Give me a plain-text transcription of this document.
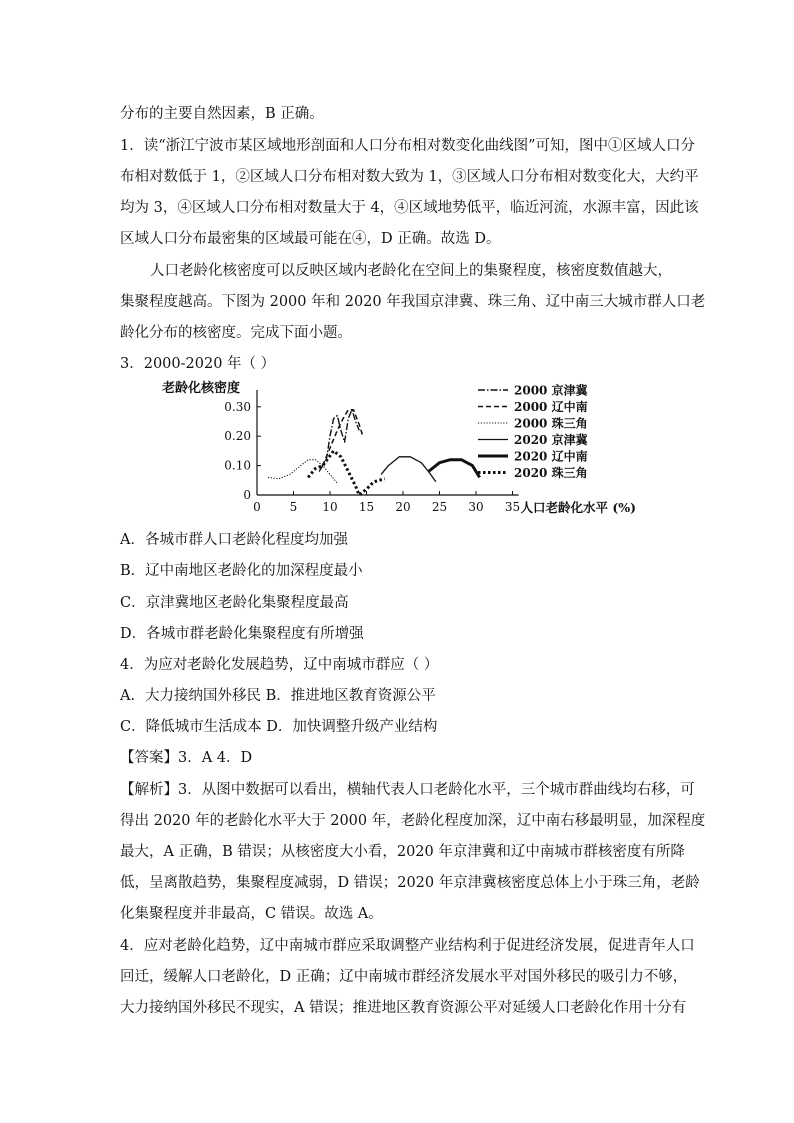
分布的主要自然因素，B 正确。
1．读“浙江宁波市某区域地形剖面和人口分布相对数变化曲线图”可知，图中①区域人口分
布相对数低于 1，②区域人口分布相对数大致为 1，③区域人口分布相对数变化大，大约平
均为 3，④区域人口分布相对数量大于 4，④区域地势低平，临近河流，水源丰富，因此该
区域人口分布最密集的区域最可能在④，D 正确。故选 D。
人口老龄化核密度可以反映区域内老龄化在空间上的集聚程度，核密度数值越大，
集聚程度越高。下图为 2000 年和 2020 年我国京津冀、珠三角、辽中南三大城市群人口老
龄化分布的核密度。完成下面小题。
3．2000-2020 年（ ）
A．各城市群人口老龄化程度均加强
B．辽中南地区老龄化的加深程度最小
C．京津冀地区老龄化集聚程度最高
D．各城市群老龄化集聚程度有所增强
4．为应对老龄化发展趋势，辽中南城市群应（ ）
A．大力接纳国外移民 B．推进地区教育资源公平
C．降低城市生活成本 D．加快调整升级产业结构
【答案】3．A 4．D
【解析】3．从图中数据可以看出，横轴代表人口老龄化水平，三个城市群曲线均右移，可
得出 2020 年的老龄化水平大于 2000 年，老龄化程度加深，辽中南右移最明显，加深程度
最大，A 正确，B 错误；从核密度大小看，2020 年京津冀和辽中南城市群核密度有所降
低，呈离散趋势，集聚程度减弱，D 错误；2020 年京津冀核密度总体上小于珠三角，老龄
化集聚程度并非最高，C 错误。故选 A。
4．应对老龄化趋势，辽中南城市群应采取调整产业结构利于促进经济发展，促进青年人口
回迁，缓解人口老龄化，D 正确；辽中南城市群经济发展水平对国外移民的吸引力不够，
大力接纳国外移民不现实，A 错误；推进地区教育资源公平对延缓人口老龄化作用十分有
0
0.10
0.20
0.30
0 5 10 15 20 25 30 35
老龄化核密度
人口老龄化水平 (%)
2000 京津冀
2000 辽中南
2000 珠三角
2020 京津冀
2020 辽中南
2020 珠三角
